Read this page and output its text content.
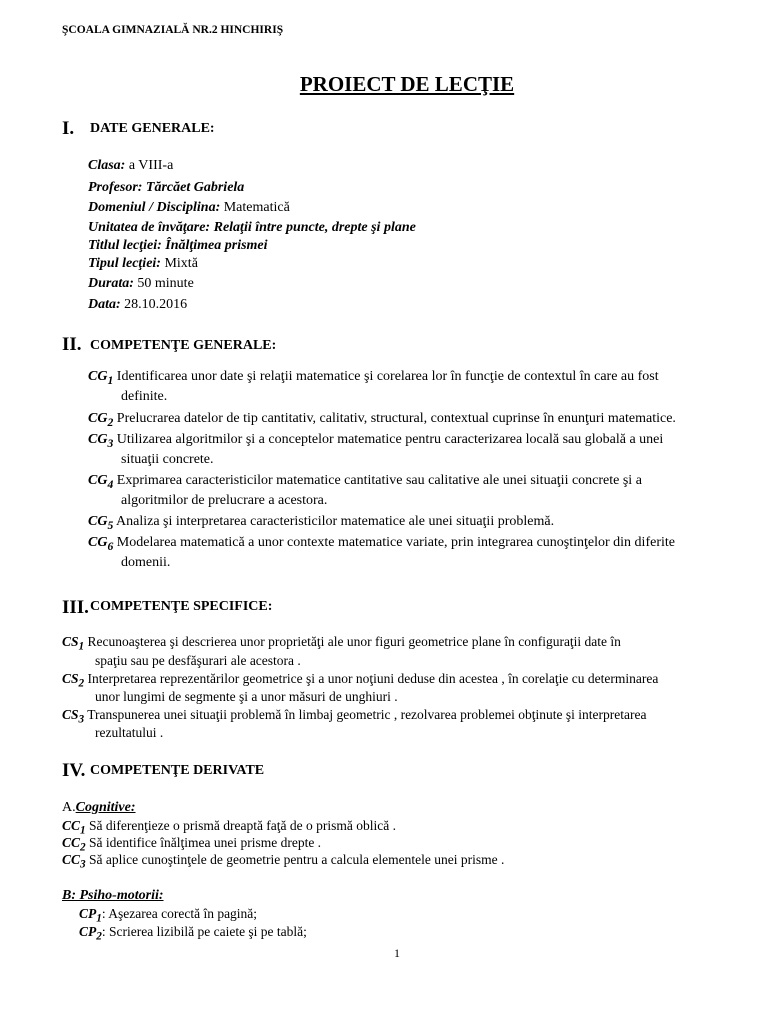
ŞCOALA GIMNAZIALĂ NR.2 HINCHIRIŞ
PROIECT DE LECŢIE
I. DATE GENERALE:
Clasa: a VIII-a
Profesor: Tărcăet Gabriela
Domeniul / Disciplina: Matematică
Unitatea de învăţare: Relaţii între puncte, drepte şi plane
Titlul lecţiei: Înălţimea prismei
Tipul lecţiei: Mixtă
Durata: 50 minute
Data: 28.10.2016
II. COMPETENŢE GENERALE:
$CG_1$ Identificarea unor date şi relaţii matematice şi corelarea lor în funcţie de contextul în care au fost
definite.
$CG_2$ Prelucrarea datelor de tip cantitativ, calitativ, structural, contextual cuprinse în enunţuri matematice.
$CG_3$ Utilizarea algoritmilor şi a conceptelor matematice pentru caracterizarea locală sau globală a unei
situaţii concrete.
$CG_4$ Exprimarea caracteristicilor matematice cantitative sau calitative ale unei situaţii concrete şi a
algoritmilor de prelucrare a acestora.
$CG_5$ Analiza şi interpretarea caracteristicilor matematice ale unei situaţii problemă.
$CG_6$ Modelarea matematică a unor contexte matematice variate, prin integrarea cunoştinţelor din diferite
domenii.
III. COMPETENŢE SPECIFICE:
$CS_1$ Recunoaşterea şi descrierea unor proprietăţi ale unor figuri geometrice plane în configuraţii date în
spaţiu sau pe desfăşurari ale acestora .
$CS_2$ Interpretarea reprezentărilor geometrice şi a unor noţiuni deduse din acestea , în corelaţie cu determinarea
unor lungimi de segmente şi a unor măsuri de unghiuri .
$CS_3$ Transpunerea unei situaţii problemă în limbaj geometric , rezolvarea problemei obţinute şi interpretarea
rezultatului .
IV. COMPETENŢE DERIVATE
A.Cognitive:
$CC_1$ Să diferenţieze o prismă dreaptă faţă de o prismă oblică .
$CC_2$ Să identifice înălţimea unei prisme drepte .
$CC_3$ Să aplice cunoştinţele de geometrie pentru a calcula elementele unei prisme .
B: Psiho-motorii:
$CP_1$: Aşezarea corectă în pagină;
$CP_2$: Scrierea lizibilă pe caiete şi pe tablă;
1
